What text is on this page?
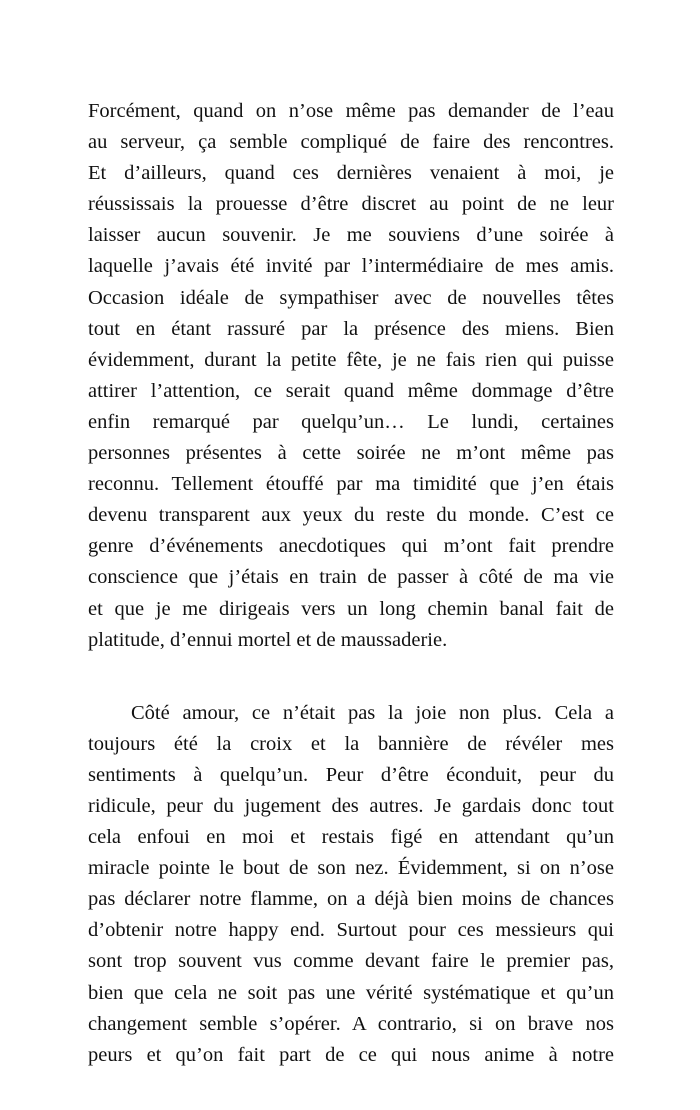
Forcément, quand on n’ose même pas demander de l’eau
au serveur, ça semble compliqué de faire des rencontres.
Et d’ailleurs, quand ces dernières venaient à moi, je
réussissais la prouesse d’être discret au point de ne leur
laisser aucun souvenir. Je me souviens d’une soirée à
laquelle j’avais été invité par l’intermédiaire de mes amis.
Occasion idéale de sympathiser avec de nouvelles têtes
tout en étant rassuré par la présence des miens. Bien
évidemment, durant la petite fête, je ne fais rien qui puisse
attirer l’attention, ce serait quand même dommage d’être
enfin remarqué par quelqu’un… Le lundi, certaines
personnes présentes à cette soirée ne m’ont même pas
reconnu. Tellement étouffé par ma timidité que j’en étais
devenu transparent aux yeux du reste du monde. C’est ce
genre d’événements anecdotiques qui m’ont fait prendre
conscience que j’étais en train de passer à côté de ma vie
et que je me dirigeais vers un long chemin banal fait de
platitude, d’ennui mortel et de maussaderie.
Côté amour, ce n’était pas la joie non plus. Cela a
toujours été la croix et la bannière de révéler mes
sentiments à quelqu’un. Peur d’être éconduit, peur du
ridicule, peur du jugement des autres. Je gardais donc tout
cela enfoui en moi et restais figé en attendant qu’un
miracle pointe le bout de son nez. Évidemment, si on n’ose
pas déclarer notre flamme, on a déjà bien moins de chances
d’obtenir notre happy end. Surtout pour ces messieurs qui
sont trop souvent vus comme devant faire le premier pas,
bien que cela ne soit pas une vérité systématique et qu’un
changement semble s’opérer. A contrario, si on brave nos
peurs et qu’on fait part de ce qui nous anime à notre
